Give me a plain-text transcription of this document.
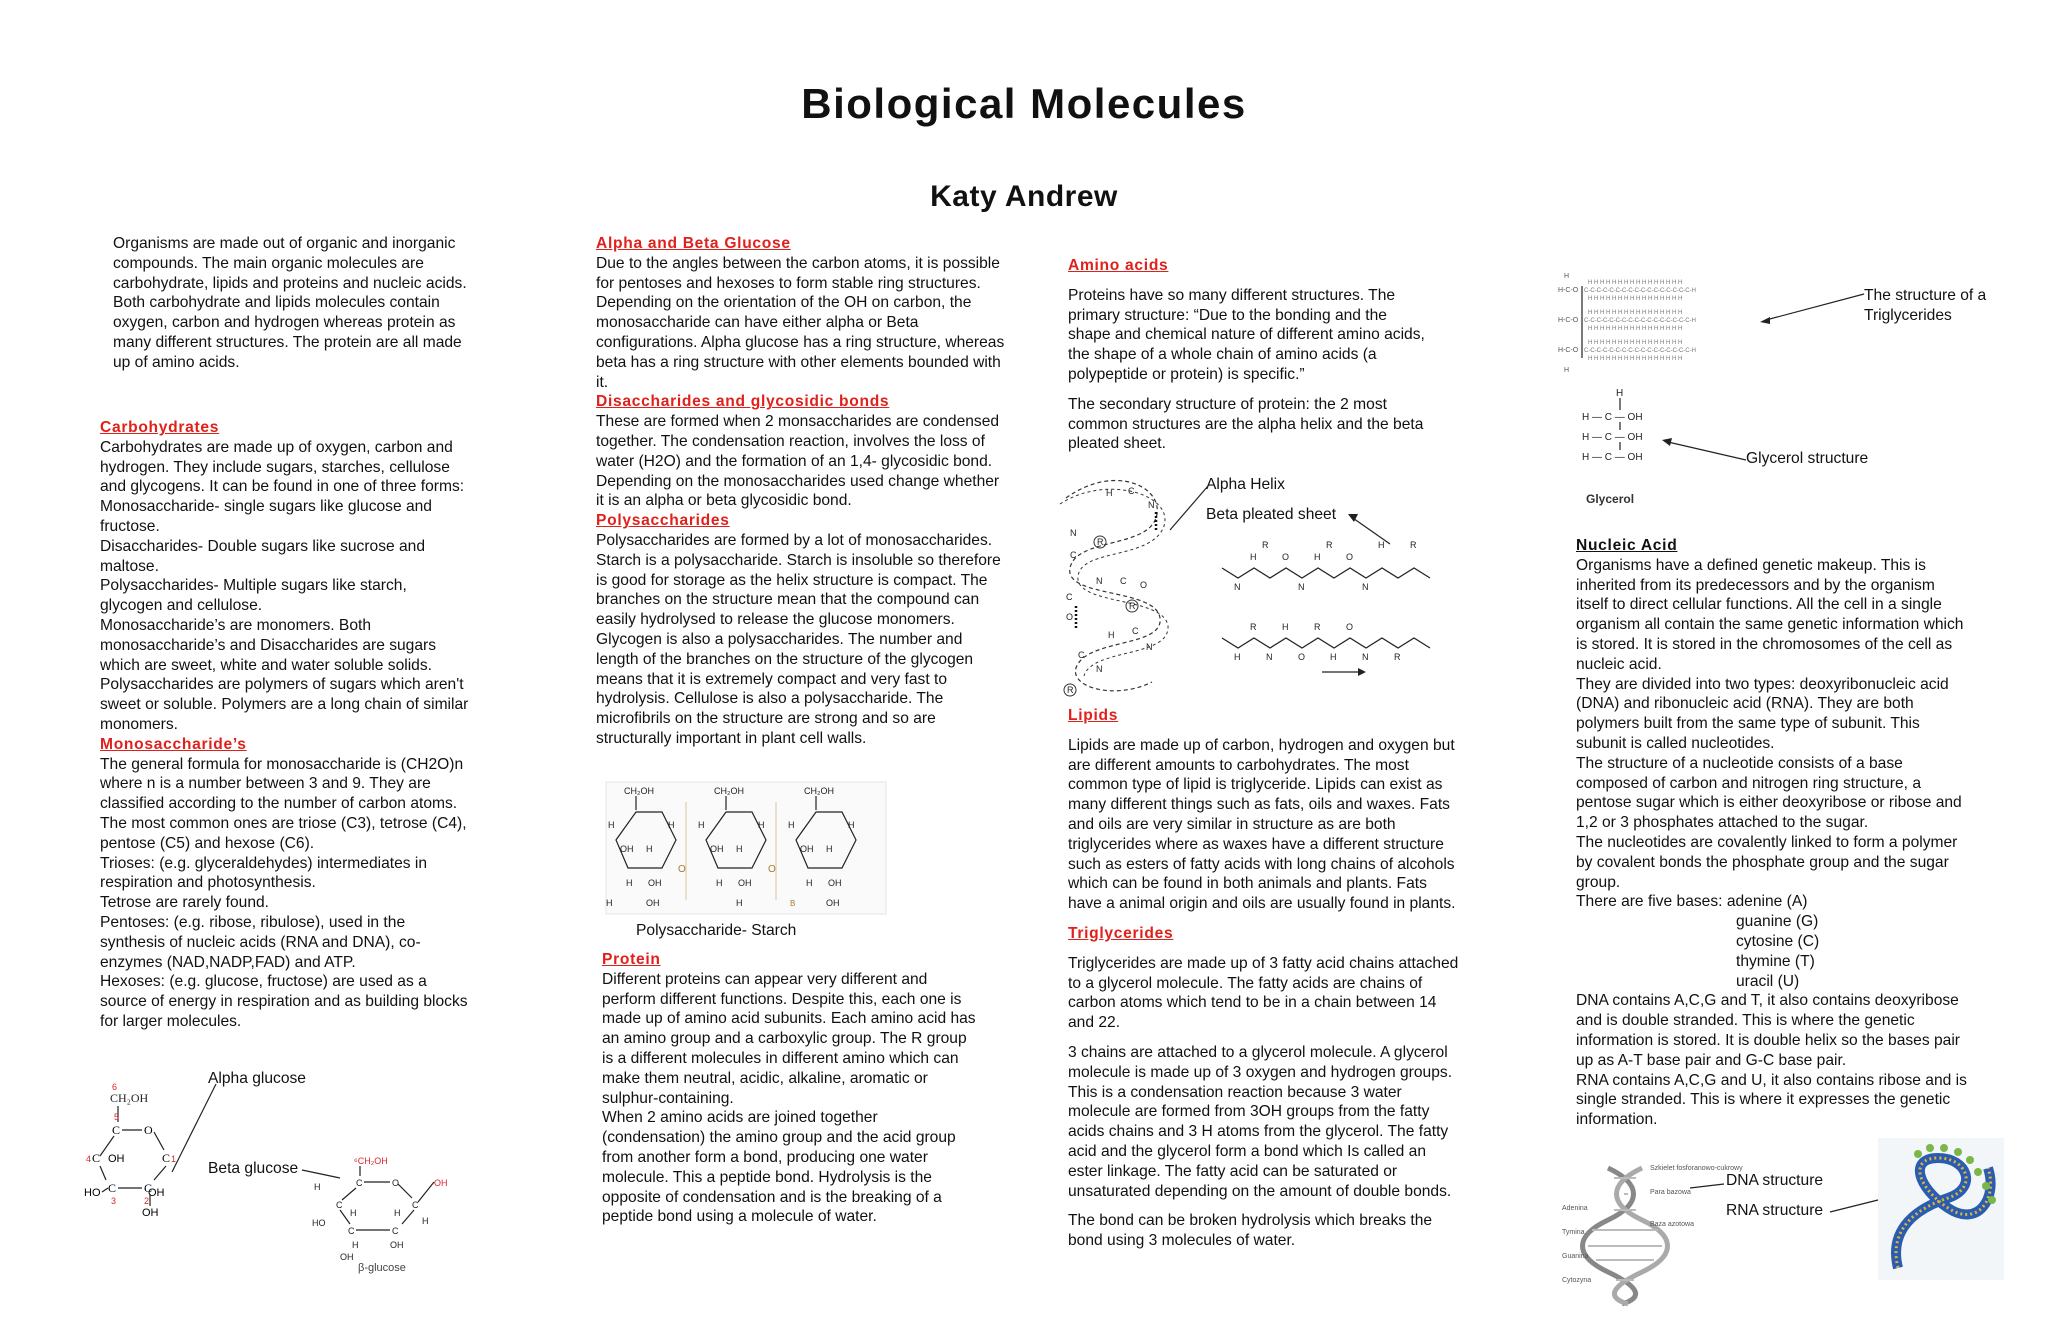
Biological Molecules
Katy Andrew

Organisms are made out of organic and inorganic compounds. The main organic molecules are carbohydrate, lipids and proteins and nucleic acids. Both carbohydrate and lipids molecules contain oxygen, carbon and hydrogen whereas protein as many different structures. The protein are all made up of amino acids.

Carbohydrates

Carbohydrates are made up of oxygen, carbon and hydrogen. They include sugars, starches, cellulose and glycogens. It can be found in one of three forms: Monosaccharide- single sugars like glucose and fructose.

Disaccharides- Double sugars like sucrose and maltose.

Polysaccharides- Multiple sugars like starch, glycogen and cellulose.

Monosaccharide’s are monomers. Both monosaccharide’s and Disaccharides are sugars which are sweet, white and water soluble solids. Polysaccharides are polymers of sugars which aren't sweet or soluble. Polymers are a long chain of similar monomers.

Monosaccharide’s

The general formula for monosaccharide is (CH2O)n where n is a number between 3 and 9. They are classified according to the number of carbon atoms. The most common ones are triose (C3), tetrose (C4), pentose (C5) and hexose (C6).

Trioses: (e.g. glyceraldehydes) intermediates in respiration and photosynthesis.

Tetrose are rarely found.

Pentoses: (e.g. ribose, ribulose), used in the synthesis of nucleic acids (RNA and DNA), co-enzymes (NAD,NADP,FAD) and ATP.

Hexoses: (e.g. glucose, fructose) are used as a source of energy in respiration and as building blocks for larger molecules.

6
CH₂OH
5
C O
4 C OH	C 1
C C
HO
3	2
OH
OH
Alpha glucose
Beta glucose	⁶CH₂OH
C	O
C	C
OH
H
H
C	C
HO
H	H
H	OH
OH
β-glucose
Alpha and Beta Glucose

Due to the angles between the carbon atoms, it is possible for pentoses and hexoses to form stable ring structures. Depending on the orientation of the OH on carbon, the monosaccharide can have either alpha or Beta configurations. Alpha glucose has a ring structure, whereas beta has a ring structure with other elements bounded with it.

Disaccharides and glycosidic bonds

These are formed when 2 monsaccharides are condensed together. The condensation reaction, involves the loss of water (H2O) and the formation of an 1,4- glycosidic bond. Depending on the monosaccharides used change whether it is an alpha or beta glycosidic bond.

Polysaccharides

Polysaccharides are formed by a lot of monosaccharides. Starch is a polysaccharide. Starch is insoluble so therefore is good for storage as the helix structure is compact. The branches on the structure mean that the compound can easily hydrolysed to release the glucose monomers. Glycogen is also a polysaccharides. The number and length of the branches on the structure of the glycogen means that it is extremely compact and very fast to hydrolysis. Cellulose is also a polysaccharide. The microfibrils on the structure are strong and so are structurally important in plant cell walls.

CH₂OH
H	H
OH H
H OH
O	O
H	OH	H	OH
B
Polysaccharide- Starch
Protein

Different proteins can appear very different and perform different functions. Despite this, each one is made up of amino acid subunits. Each amino acid has an amino group and a carboxylic group. The R group is a different molecules in different amino which can make them neutral, acidic, alkaline, aromatic or sulphur-containing.

When 2 amino acids are joined together (condensation) the amino group and the acid group from another form a bond, producing one water molecule. This a peptide bond. Hydrolysis is the opposite of condensation and is the breaking of a peptide bond using a molecule of water.

Amino acids

Proteins have so many different structures. The primary structure: “Due to the bonding and the shape and chemical nature of different amino acids, the shape of a whole chain of amino acids (a polypeptide or protein) is specific.”

The secondary structure of protein: the 2 most common structures are the alpha helix and the beta pleated sheet.

N
C
H C
N
R
R
R
N C O
C
O
H C
N
C
N
Alpha Helix
Beta pleated sheet
N
H
R
O
N
H
R
O
N
H	R
H
R
N
H
O
R
H
O
N	R
Lipids

Lipids are made up of carbon, hydrogen and oxygen but are different amounts to carbohydrates. The most common type of lipid is triglyceride. Lipids can exist as many different things such as fats, oils and waxes. Fats and oils are very similar in structure as are both triglycerides where as waxes have a different structure such as esters of fatty acids with long chains of alcohols which can be found in both animals and plants. Fats have a animal origin and oils are usually found in plants.

Triglycerides

Triglycerides are made up of 3 fatty acid chains attached to a glycerol molecule. The fatty acids are chains of carbon atoms which tend to be in a chain between 14 and 22.

3 chains are attached to a glycerol molecule. A glycerol molecule is made up of 3 oxygen and hydrogen groups. This is a condensation reaction because 3 water molecule are formed from 3OH groups from the fatty acids chains and 3 H atoms from the glycerol. The fatty acid and the glycerol form a bond which Is called an ester linkage. The fatty acid can be saturated or unsaturated depending on the amount of double bonds.

The bond can be broken hydrolysis which breaks the bond using 3 molecules of water.

H-C-O
H-C-O
H-C-O
H
H
H H H H H H H H H H H H H H H H
C-C-C-C-C-C-C-C-C-C-C-C-C-C-C-C-C-H
H H H H H H H H H H H H H H H H	The structure of a Triglycerides
H
H — C — OH
H — C — OH
H — C — OH
Glycerol
Glycerol structure
Nucleic Acid

Organisms have a defined genetic makeup. This is inherited from its predecessors and by the organism itself to direct cellular functions. All the cell in a single organism all contain the same genetic information which is stored. It is stored in the chromosomes of the cell as nucleic acid.

They are divided into two types: deoxyribonucleic acid (DNA) and ribonucleic acid (RNA). They are both polymers built from the same type of subunit. This subunit is called nucleotides.

The structure of a nucleotide consists of a base composed of carbon and nitrogen ring structure, a pentose sugar which is either deoxyribose or ribose and 1,2 or 3 phosphates attached to the sugar.

The nucleotides are covalently linked to form a polymer by covalent bonds the phosphate group and the sugar group.

There are five bases: adenine (A)

guanine (G)

cytosine (C)

thymine (T)

uracil (U)

DNA contains A,C,G and T, it also contains deoxyribose and is double stranded. This is where the genetic information is stored. It is double helix so the bases pair up as A-T base pair and G-C base pair.

RNA contains A,C,G and U, it also contains ribose and is single stranded. This is where it expresses the genetic information.

Szkielet fosforanowo-cukrowy
Para bazowa
Baza azotowa
Adenina
Tymina
Guanina
Cytozyna
DNA structure
RNA structure
